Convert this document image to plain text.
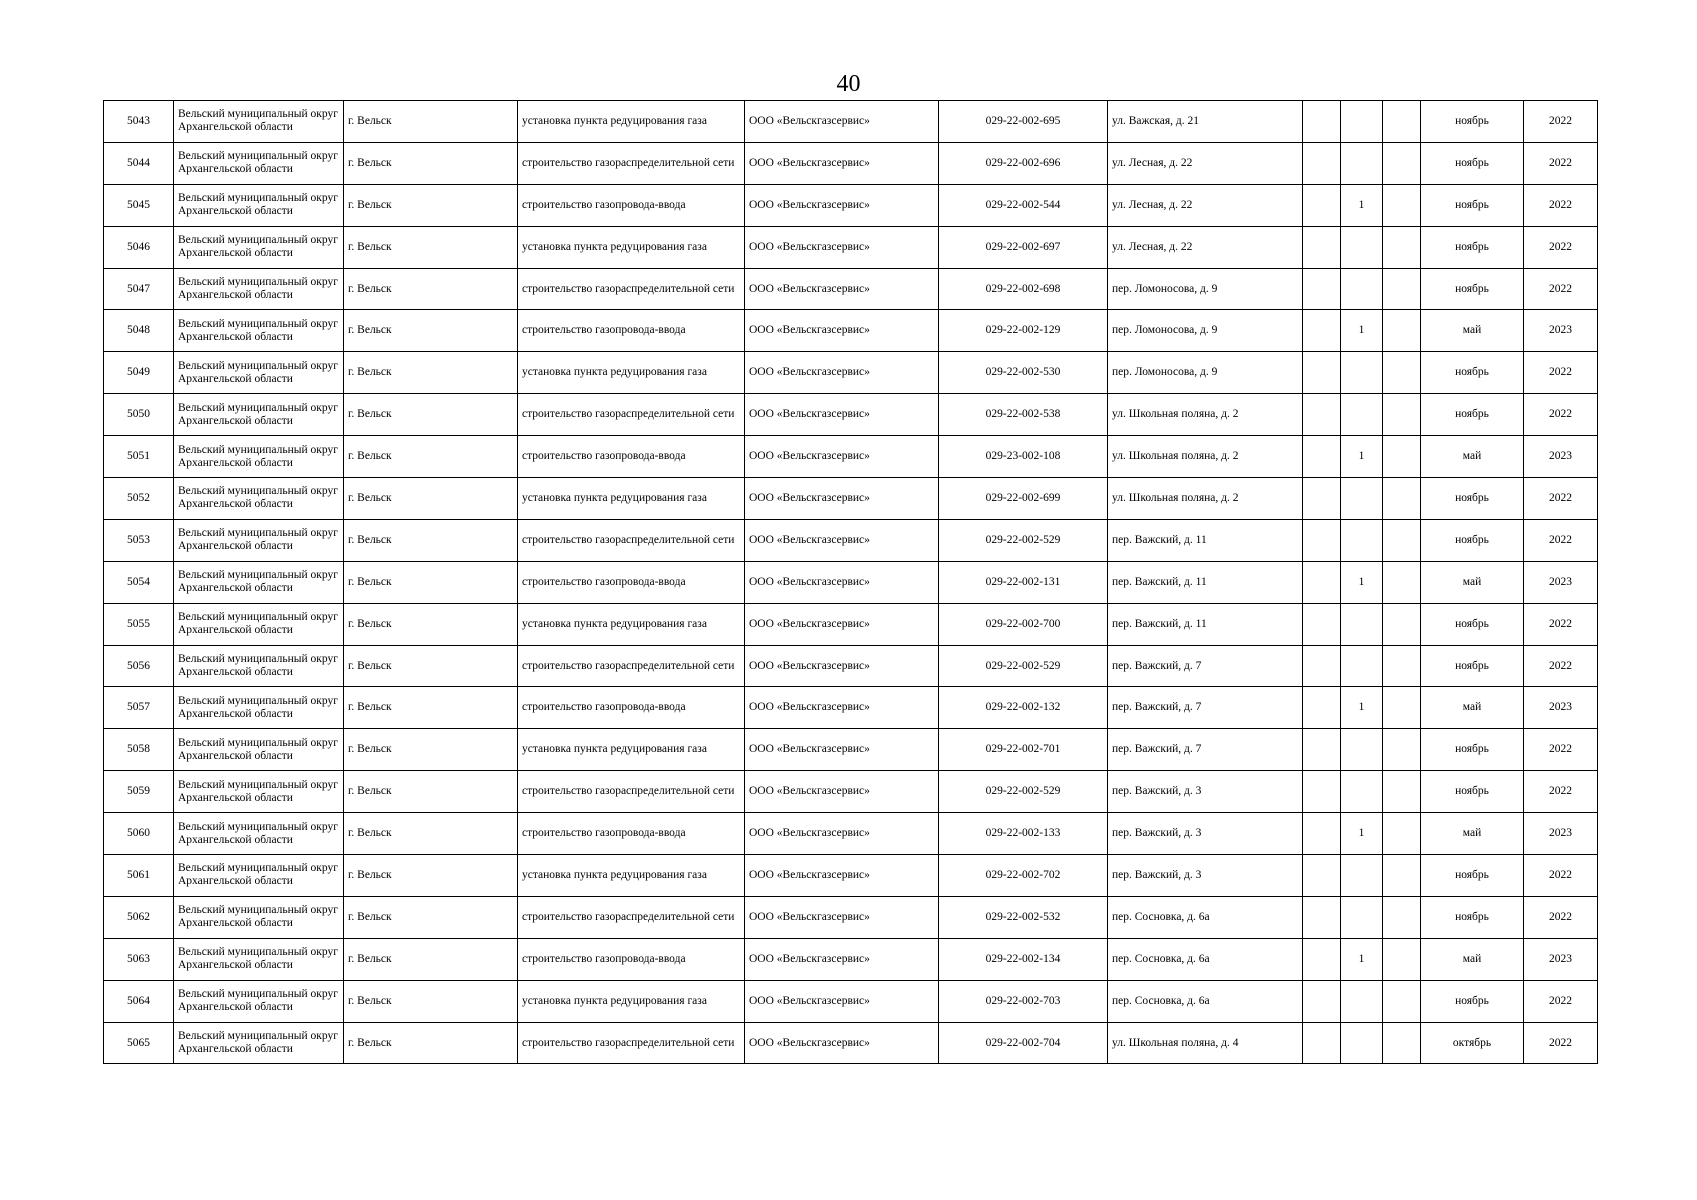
40
5043	Вельский муниципальный округ Архангельской области	г. Вельск	установка пункта редуцирования газа	ООО «Вельскгазсервис»	029-22-002-695	ул. Важская, д. 21				ноябрь	2022
5044	Вельский муниципальный округ Архангельской области	г. Вельск	строительство газораспределительной сети	ООО «Вельскгазсервис»	029-22-002-696	ул. Лесная, д. 22				ноябрь	2022
5045	Вельский муниципальный округ Архангельской области	г. Вельск	строительство газопровода-ввода	ООО «Вельскгазсервис»	029-22-002-544	ул. Лесная, д. 22		1		ноябрь	2022
5046	Вельский муниципальный округ Архангельской области	г. Вельск	установка пункта редуцирования газа	ООО «Вельскгазсервис»	029-22-002-697	ул. Лесная, д. 22				ноябрь	2022
5047	Вельский муниципальный округ Архангельской области	г. Вельск	строительство газораспределительной сети	ООО «Вельскгазсервис»	029-22-002-698	пер. Ломоносова, д. 9				ноябрь	2022
5048	Вельский муниципальный округ Архангельской области	г. Вельск	строительство газопровода-ввода	ООО «Вельскгазсервис»	029-22-002-129	пер. Ломоносова, д. 9		1		май	2023
5049	Вельский муниципальный округ Архангельской области	г. Вельск	установка пункта редуцирования газа	ООО «Вельскгазсервис»	029-22-002-530	пер. Ломоносова, д. 9				ноябрь	2022
5050	Вельский муниципальный округ Архангельской области	г. Вельск	строительство газораспределительной сети	ООО «Вельскгазсервис»	029-22-002-538	ул. Школьная поляна, д. 2				ноябрь	2022
5051	Вельский муниципальный округ Архангельской области	г. Вельск	строительство газопровода-ввода	ООО «Вельскгазсервис»	029-23-002-108	ул. Школьная поляна, д. 2		1		май	2023
5052	Вельский муниципальный округ Архангельской области	г. Вельск	установка пункта редуцирования газа	ООО «Вельскгазсервис»	029-22-002-699	ул. Школьная поляна, д. 2				ноябрь	2022
5053	Вельский муниципальный округ Архангельской области	г. Вельск	строительство газораспределительной сети	ООО «Вельскгазсервис»	029-22-002-529	пер. Важский, д. 11				ноябрь	2022
5054	Вельский муниципальный округ Архангельской области	г. Вельск	строительство газопровода-ввода	ООО «Вельскгазсервис»	029-22-002-131	пер. Важский, д. 11		1		май	2023
5055	Вельский муниципальный округ Архангельской области	г. Вельск	установка пункта редуцирования газа	ООО «Вельскгазсервис»	029-22-002-700	пер. Важский, д. 11				ноябрь	2022
5056	Вельский муниципальный округ Архангельской области	г. Вельск	строительство газораспределительной сети	ООО «Вельскгазсервис»	029-22-002-529	пер. Важский, д. 7				ноябрь	2022
5057	Вельский муниципальный округ Архангельской области	г. Вельск	строительство газопровода-ввода	ООО «Вельскгазсервис»	029-22-002-132	пер. Важский, д. 7		1		май	2023
5058	Вельский муниципальный округ Архангельской области	г. Вельск	установка пункта редуцирования газа	ООО «Вельскгазсервис»	029-22-002-701	пер. Важский, д. 7				ноябрь	2022
5059	Вельский муниципальный округ Архангельской области	г. Вельск	строительство газораспределительной сети	ООО «Вельскгазсервис»	029-22-002-529	пер. Важский, д. 3				ноябрь	2022
5060	Вельский муниципальный округ Архангельской области	г. Вельск	строительство газопровода-ввода	ООО «Вельскгазсервис»	029-22-002-133	пер. Важский, д. 3		1		май	2023
5061	Вельский муниципальный округ Архангельской области	г. Вельск	установка пункта редуцирования газа	ООО «Вельскгазсервис»	029-22-002-702	пер. Важский, д. 3				ноябрь	2022
5062	Вельский муниципальный округ Архангельской области	г. Вельск	строительство газораспределительной сети	ООО «Вельскгазсервис»	029-22-002-532	пер. Сосновка, д. 6а				ноябрь	2022
5063	Вельский муниципальный округ Архангельской области	г. Вельск	строительство газопровода-ввода	ООО «Вельскгазсервис»	029-22-002-134	пер. Сосновка, д. 6а		1		май	2023
5064	Вельский муниципальный округ Архангельской области	г. Вельск	установка пункта редуцирования газа	ООО «Вельскгазсервис»	029-22-002-703	пер. Сосновка, д. 6а				ноябрь	2022
5065	Вельский муниципальный округ Архангельской области	г. Вельск	строительство газораспределительной сети	ООО «Вельскгазсервис»	029-22-002-704	ул. Школьная поляна, д. 4				октябрь	2022
